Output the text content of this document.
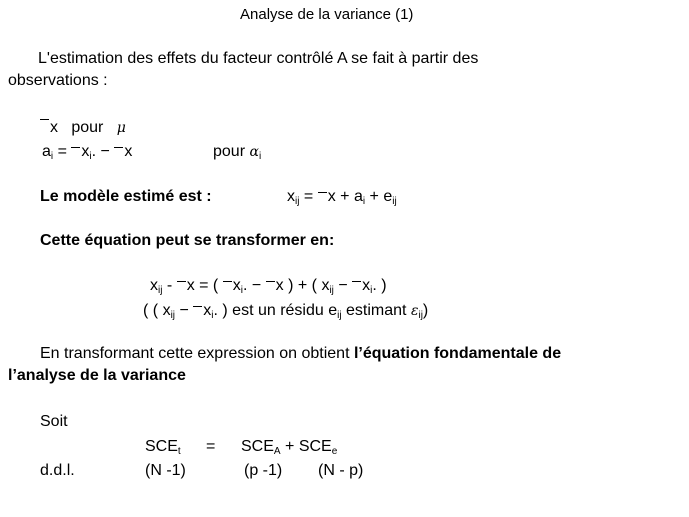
Analyse de la variance (1)
L'estimation des effets du facteur contrôlé A se fait à partir des
observations :
x pour μ
$a_i = x_i$. − x	pour $\alpha_i$
Le modèle estimé est :	$x_{ij} = x + a_i + e_{ij}$
Cette équation peut se transformer en:
$x_{ij}$ - x = ( $x_i$. − x ) + ( $x_{ij} - x_i$. )
( ( $x_{ij} - x_i$. ) est un résidu $e_{ij}$ estimant $\varepsilon_{ij}$)
En transformant cette expression on obtient l’équation fondamentale de
l’analyse de la variance
Soit
$SCE_t = SCE_A + SCE_e$
d.d.l.	(N -1)	(p -1) (N - p)
